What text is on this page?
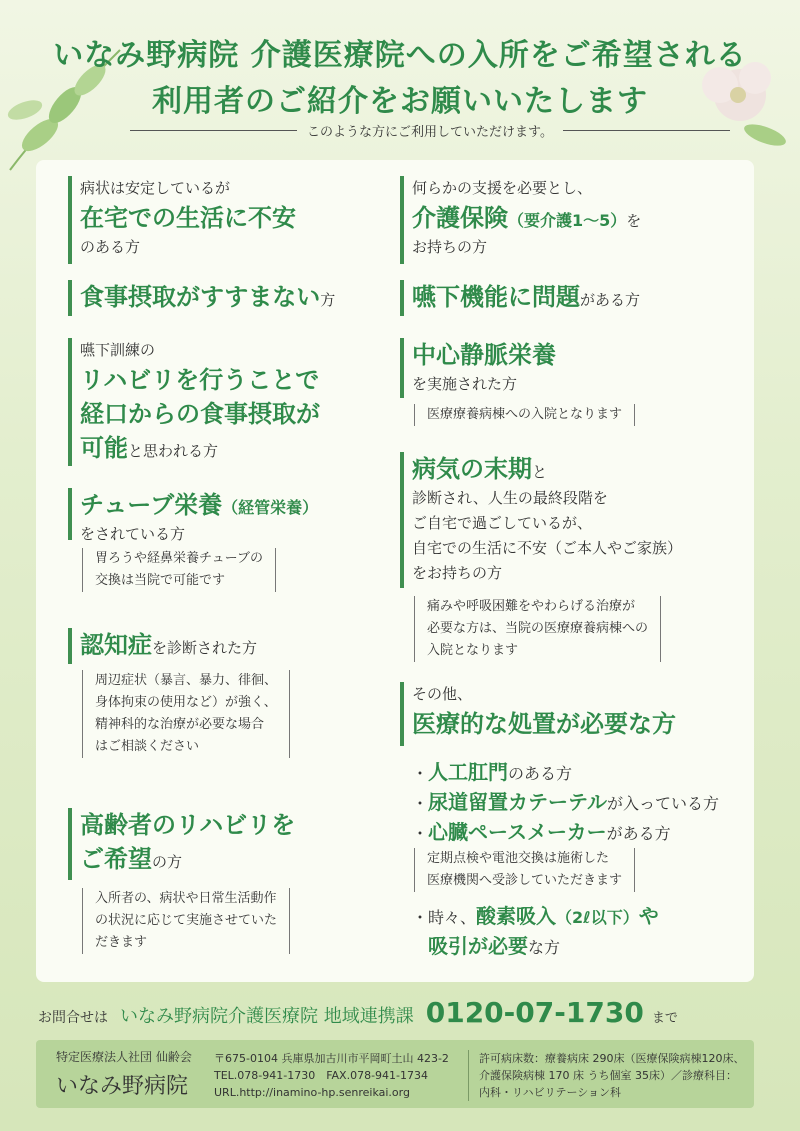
いなみ野病院 介護医療院への入所をご希望される
利用者のご紹介をお願いいたします
このような方にご利用していただけます。
病状は安定しているが
在宅での生活に不安
のある方
食事摂取がすすまない方
嚥下訓練の
リハビリを行うことで
経口からの食事摂取が
可能と思われる方
チューブ栄養（経管栄養）
をされている方
胃ろうや経鼻栄養チューブの
交換は当院で可能です
認知症を診断された方
周辺症状（暴言、暴力、徘徊、
身体拘束の使用など）が強く、
精神科的な治療が必要な場合
はご相談ください
高齢者のリハビリを
ご希望の方
入所者の、病状や日常生活動作
の状況に応じて実施させていた
だきます
何らかの支援を必要とし、
介護保険（要介護1～5）を
お持ちの方
嚥下機能に問題がある方
中心静脈栄養
を実施された方
医療療養病棟への入院となります
病気の末期と
診断され、人生の最終段階を
ご自宅で過ごしているが、
自宅での生活に不安（ご本人やご家族）
をお持ちの方
痛みや呼吸困難をやわらげる治療が
必要な方は、当院の医療療養病棟への
入院となります
その他、
医療的な処置が必要な方
・人工肛門のある方
・尿道留置カテーテルが入っている方
・心臓ペースメーカーがある方
定期点検や電池交換は施術した
医療機関へ受診していただきます
・時々、酸素吸入（2ℓ以下）や
　吸引が必要な方
お問合せは いなみ野病院介護医療院 地域連携課 0120-07-1730 まで
特定医療法人社団 仙齢会
いなみ野病院
〒675-0104 兵庫県加古川市平岡町土山 423-2
TEL.078-941-1730　FAX.078-941-1734
URL.http://inamino-hp.senreikai.org
許可病床数：療養病床 290床（医療保険病棟120床、
介護保険病棟 170 床 うち個室 35床）／診療科目：
内科・リハビリテーション科
